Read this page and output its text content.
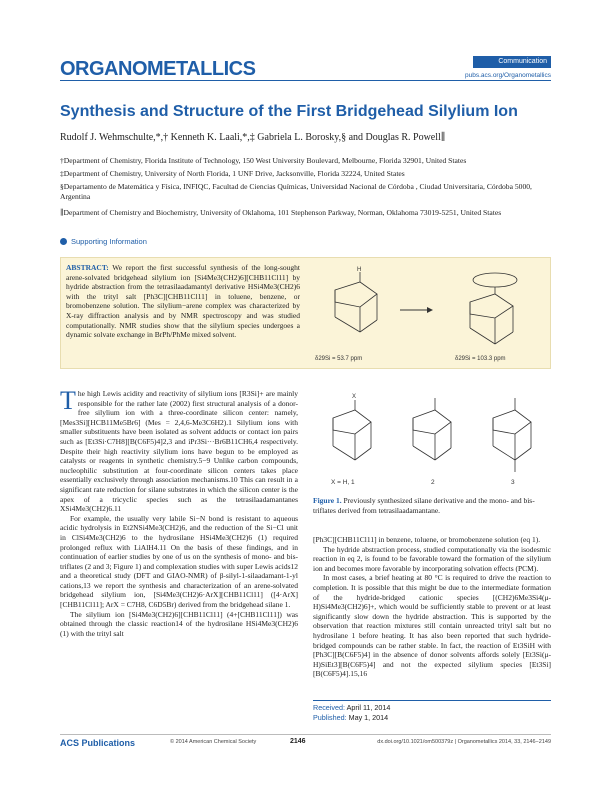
ORGANOMETALLICS	Communication
pubs.acs.org/Organometallics
Synthesis and Structure of the First Bridgehead Silylium Ion
Rudolf J. Wehmschulte,*,† Kenneth K. Laali,*,‡ Gabriela L. Borosky,§ and Douglas R. Powell∥
†Department of Chemistry, Florida Institute of Technology, 150 West University Boulevard, Melbourne, Florida 32901, United States
‡Department of Chemistry, University of North Florida, 1 UNF Drive, Jacksonville, Florida 32224, United States
§Departamento de Matemática y Física, INFIQC, Facultad de Ciencias Químicas, Universidad Nacional de Córdoba , Ciudad Universitaria, Córdoba 5000, Argentina
∥Department of Chemistry and Biochemistry, University of Oklahoma, 101 Stephenson Parkway, Norman, Oklahoma 73019-5251, United States
Supporting Information
ABSTRACT: We report the first successful synthesis of the long-sought arene-solvated bridgehead silylium ion [Si4Me3(CH2)6][CHB11Cl11] by hydride abstraction from the tetrasilaadamantyl derivative HSi4Me3(CH2)6 with the trityl salt [Ph3C][CHB11Cl11] in toluene, benzene, or bromobenzene solution. The silylium−arene complex was characterized by X-ray diffraction analysis and by NMR spectroscopy and was studied computationally. NMR studies show that the silylium species undergoes a dynamic solvate exchange in BrPh/PhMe mixed solvent.
H
δ29Si = 53.7 ppm	δ29Si = 103.3 ppm

The high Lewis acidity and reactivity of silylium ions [R3Si]+ are mainly responsible for the rather late (2002) first structural analysis of a donor-free silylium ion with a three-coordinate silicon center: namely, [Mes3Si][HCB11Me5Br6] (Mes = 2,4,6-Me3C6H2).1 Silylium ions with smaller substituents have been isolated as solvent adducts or contact ion pairs such as [Et3Si·C7H8][B(C6F5)4]2,3 and iPr3Si···Br6B11CH6,4 respectively. Despite their high reactivity silylium ions have begun to be employed as catalysts or reagents in synthetic chemistry.5−9 Unlike carbon compounds, nucleophilic substitution at four-coordinate silicon centers takes place essentially exclusively through association mechanisms.10 This can result in a significant rate reduction for silane substrates in which the silicon center is the apex of a tricyclic species such as the tetrasilaadamantanes XSi4Me3(CH2)6.11

For example, the usually very labile Si−N bond is resistant to aqueous acidic hydrolysis in Et2NSi4Me3(CH2)6, and the reduction of the Si−Cl unit in ClSi4Me3(CH2)6 to the hydrosilane HSi4Me3(CH2)6 (1) required prolonged reflux with LiAlH4.11 On the basis of these findings, and in continuation of earlier studies by one of us on the synthesis of mono- and bis-triflates (2 and 3; Figure 1) and complexation studies with super Lewis acids12 and a theoretical study (DFT and GIAO-NMR) of β-silyl-1-silaadamant-1-yl cations,13 we report the synthesis and characterization of an arene-solvated bridgehead silylium ion, [Si4Me3(CH2)6·ArX][CHB11Cl11] ([4·ArX][CHB11Cl11]; ArX = C7H8, C6D5Br) derived from the bridgehead silane 1.

The silylium ion [Si4Me3(CH2)6][CHB11Cl11] (4+[CHB11Cl11]) was obtained through the classic reaction14 of the hydrosilane HSi4Me3(CH2)6 (1) with the trityl salt

X
X = H, 1	2	3
Figure 1. Previously synthesized silane derivative and the mono- and bis-triflates derived from tetrasilaadamantane.

[Ph3C][CHB11Cl11] in benzene, toluene, or bromobenzene solution (eq 1).

The hydride abstraction process, studied computationally via the isodesmic reaction in eq 2, is found to be favorable toward the formation of the silylium ion and becomes more favorable by incorporating solvation effects (PCM).

In most cases, a brief heating at 80 °C is required to drive the reaction to completion. It is possible that this might be due to the intermediate formation of the hydride-bridged cationic species [(CH2)6Me3Si4(μ-H)Si4Me3(CH2)6]+, which would be sufficiently stable to prevent or at least significantly slow down the hydride abstraction. This is supported by the observation that reaction mixtures still contain unreacted trityl salt but no hydrosilane 1 before heating. It has also been reported that such hydride-bridged compounds can be rather stable. In fact, the reaction of Et3SiH with [Ph3C][B(C6F5)4] in the absence of donor solvents affords solely [Et3Si(μ-H)SiEt3][B(C6F5)4] and not the expected silylium species [Et3Si][B(C6F5)4].15,16

Received: April 11, 2014
Published: May 1, 2014
ACS Publications	© 2014 American Chemical Society	2146	dx.doi.org/10.1021/om500379z | Organometallics 2014, 33, 2146−2149
